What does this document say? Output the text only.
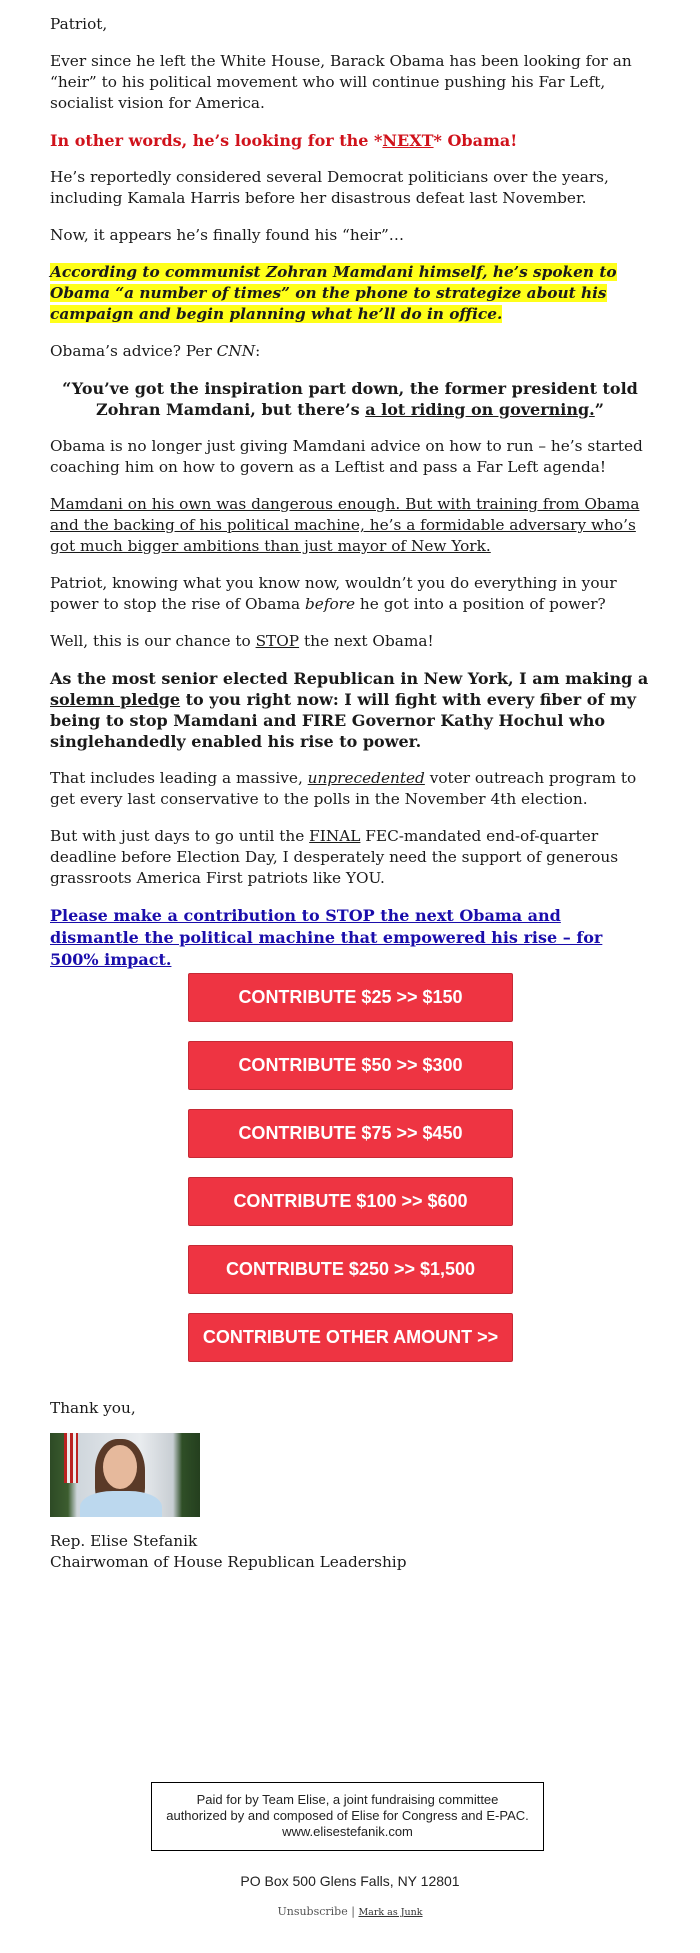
Patriot,

Ever since he left the White House, Barack Obama has been looking for an “heir” to his political movement who will continue pushing his Far Left, socialist vision for America.

In other words, he’s looking for the *NEXT* Obama!

He’s reportedly considered several Democrat politicians over the years, including Kamala Harris before her disastrous defeat last November.

Now, it appears he’s finally found his “heir”…

According to communist Zohran Mamdani himself, he’s spoken to Obama “a number of times” on the phone to strategize about his campaign and begin planning what he’ll do in office.

Obama’s advice? Per CNN:

“You’ve got the inspiration part down, the former president told Zohran Mamdani, but there’s a lot riding on governing.”

Obama is no longer just giving Mamdani advice on how to run – he’s started coaching him on how to govern as a Leftist and pass a Far Left agenda!

Mamdani on his own was dangerous enough. But with training from Obama and the backing of his political machine, he’s a formidable adversary who’s got much bigger ambitions than just mayor of New York.

Patriot, knowing what you know now, wouldn’t you do everything in your power to stop the rise of Obama before he got into a position of power?

Well, this is our chance to STOP the next Obama!

As the most senior elected Republican in New York, I am making a solemn pledge to you right now: I will fight with every fiber of my being to stop Mamdani and FIRE Governor Kathy Hochul who singlehandedly enabled his rise to power.

That includes leading a massive, unprecedented voter outreach program to get every last conservative to the polls in the November 4th election.

But with just days to go until the FINAL FEC-mandated end-of-quarter deadline before Election Day, I desperately need the support of generous grassroots America First patriots like YOU.

Please make a contribution to STOP the next Obama and dismantle the political machine that empowered his rise – for 500% impact.

CONTRIBUTE $25 >> $150
CONTRIBUTE $50 >> $300
CONTRIBUTE $75 >> $450
CONTRIBUTE $100 >> $600
CONTRIBUTE $250 >> $1,500
CONTRIBUTE OTHER AMOUNT >>
Thank you,
Rep. Elise Stefanik
Chairwoman of House Republican Leadership
Paid for by Team Elise, a joint fundraising committee authorized by and composed of Elise for Congress and E-PAC. www.elisestefanik.com
PO Box 500 Glens Falls, NY 12801
Unsubscribe | Mark as Junk
